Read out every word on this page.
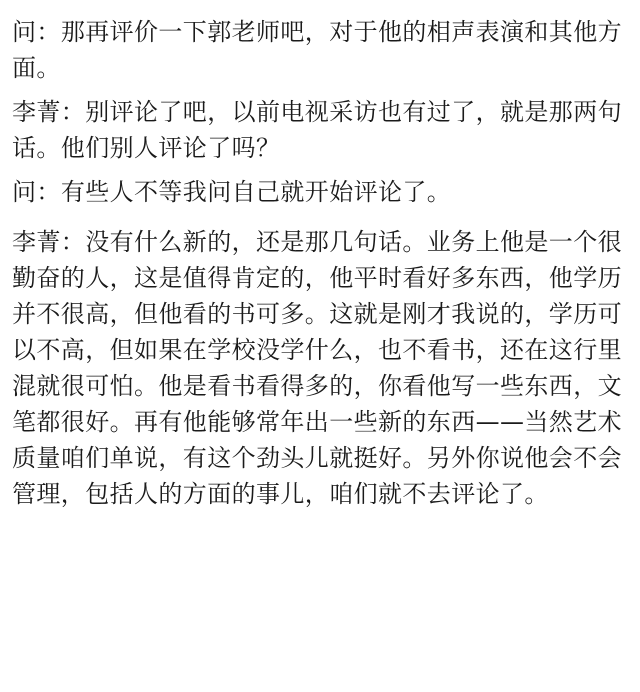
问：那再评价一下郭老师吧，对于他的相声表演和其他方面。

李菁：别评论了吧，以前电视采访也有过了，就是那两句话。他们别人评论了吗？

问：有些人不等我问自己就开始评论了。

李菁：没有什么新的，还是那几句话。业务上他是一个很勤奋的人，这是值得肯定的，他平时看好多东西，他学历并不很高，但他看的书可多。这就是刚才我说的，学历可以不高，但如果在学校没学什么，也不看书，还在这行里混就很可怕。他是看书看得多的，你看他写一些东西，文笔都很好。再有他能够常年出一些新的东西——当然艺术质量咱们单说，有这个劲头儿就挺好。另外你说他会不会管理，包括人的方面的事儿，咱们就不去评论了。
